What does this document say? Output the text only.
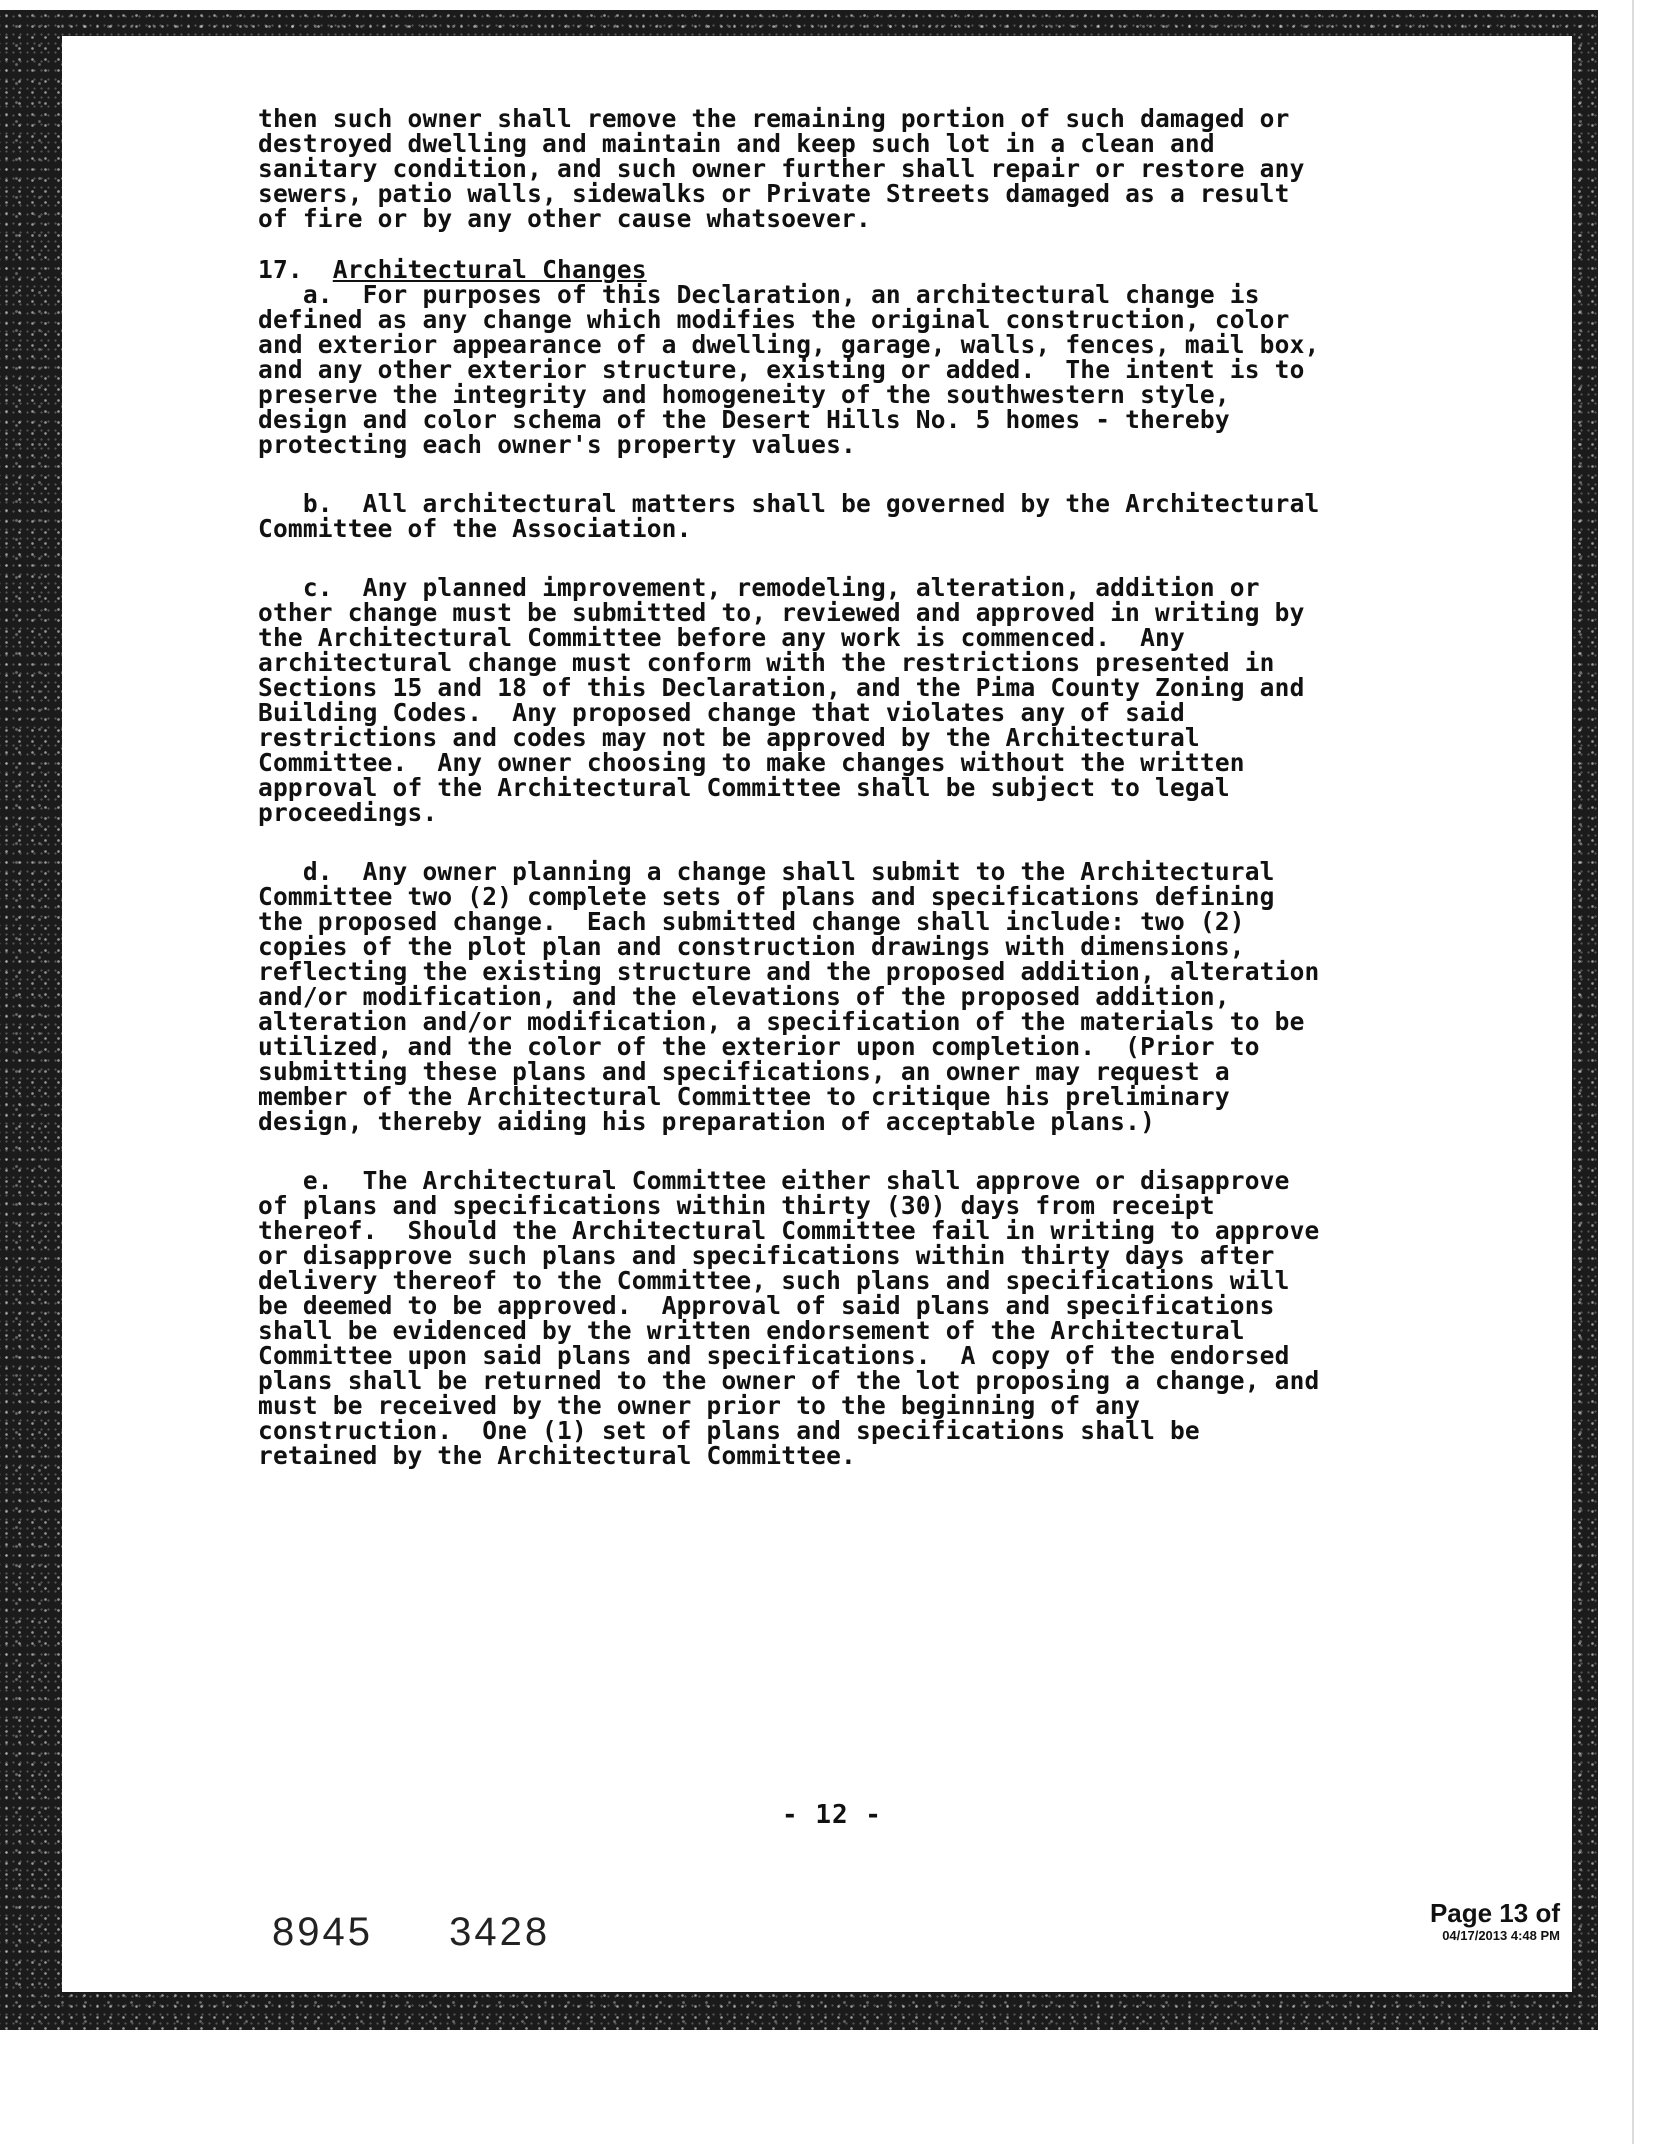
then such owner shall remove the remaining portion of such damaged or

destroyed dwelling and maintain and keep such lot in a clean and

sanitary condition, and such owner further shall repair or restore any

sewers, patio walls, sidewalks or Private Streets damaged as a result

of fire or by any other cause whatsoever.

17. Architectural Changes

a.  For purposes of this Declaration, an architectural change is

defined as any change which modifies the original construction, color

and exterior appearance of a dwelling, garage, walls, fences, mail box,

and any other exterior structure, existing or added.  The intent is to

preserve the integrity and homogeneity of the southwestern style,

design and color schema of the Desert Hills No. 5 homes - thereby

protecting each owner's property values.

b.  All architectural matters shall be governed by the Architectural

Committee of the Association.

c.  Any planned improvement, remodeling, alteration, addition or

other change must be submitted to, reviewed and approved in writing by

the Architectural Committee before any work is commenced.  Any

architectural change must conform with the restrictions presented in

Sections 15 and 18 of this Declaration, and the Pima County Zoning and

Building Codes.  Any proposed change that violates any of said

restrictions and codes may not be approved by the Architectural

Committee.  Any owner choosing to make changes without the written

approval of the Architectural Committee shall be subject to legal

proceedings.

d.  Any owner planning a change shall submit to the Architectural

Committee two (2) complete sets of plans and specifications defining

the proposed change.  Each submitted change shall include: two (2)

copies of the plot plan and construction drawings with dimensions,

reflecting the existing structure and the proposed addition, alteration

and/or modification, and the elevations of the proposed addition,

alteration and/or modification, a specification of the materials to be

utilized, and the color of the exterior upon completion.  (Prior to

submitting these plans and specifications, an owner may request a

member of the Architectural Committee to critique his preliminary

design, thereby aiding his preparation of acceptable plans.)

e.  The Architectural Committee either shall approve or disapprove

of plans and specifications within thirty (30) days from receipt

thereof.  Should the Architectural Committee fail in writing to approve

or disapprove such plans and specifications within thirty days after

delivery thereof to the Committee, such plans and specifications will

be deemed to be approved.  Approval of said plans and specifications

shall be evidenced by the written endorsement of the Architectural

Committee upon said plans and specifications.  A copy of the endorsed

plans shall be returned to the owner of the lot proposing a change, and

must be received by the owner prior to the beginning of any

construction.  One (1) set of plans and specifications shall be

retained by the Architectural Committee.

- 12 -
8945 3428	Page 13 of
04/17/2013 4:48 PM
